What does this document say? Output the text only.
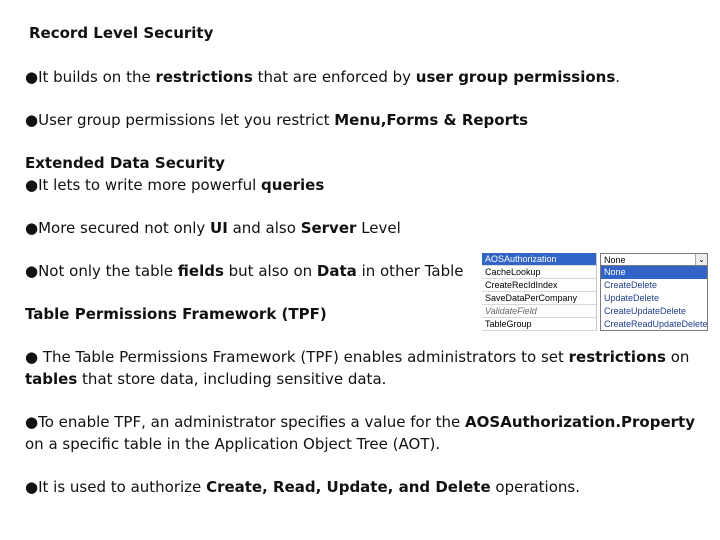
Record Level Security
●It builds on the restrictions that are enforced by user group permissions.
●User group permissions let you restrict Menu,Forms & Reports
Extended Data Security
●It lets to write more powerful queries
●More secured not only UI and also Server Level
●Not only the table fields but also on Data in other Table
Table Permissions Framework (TPF)
● The Table Permissions Framework (TPF) enables administrators to set restrictions on tables that store data, including sensitive data.
●To enable TPF, an administrator specifies a value for the AOSAuthorization.Property on a specific table in the Application Object Tree (AOT).
●It is used to authorize Create, Read, Update, and Delete operations.
AOSAuthorization
CacheLookup
CreateRecIdIndex
SaveDataPerCompany
ValidateField
TableGroup
None	⌄
None
CreateDelete
UpdateDelete
CreateUpdateDelete
CreateReadUpdateDelete
